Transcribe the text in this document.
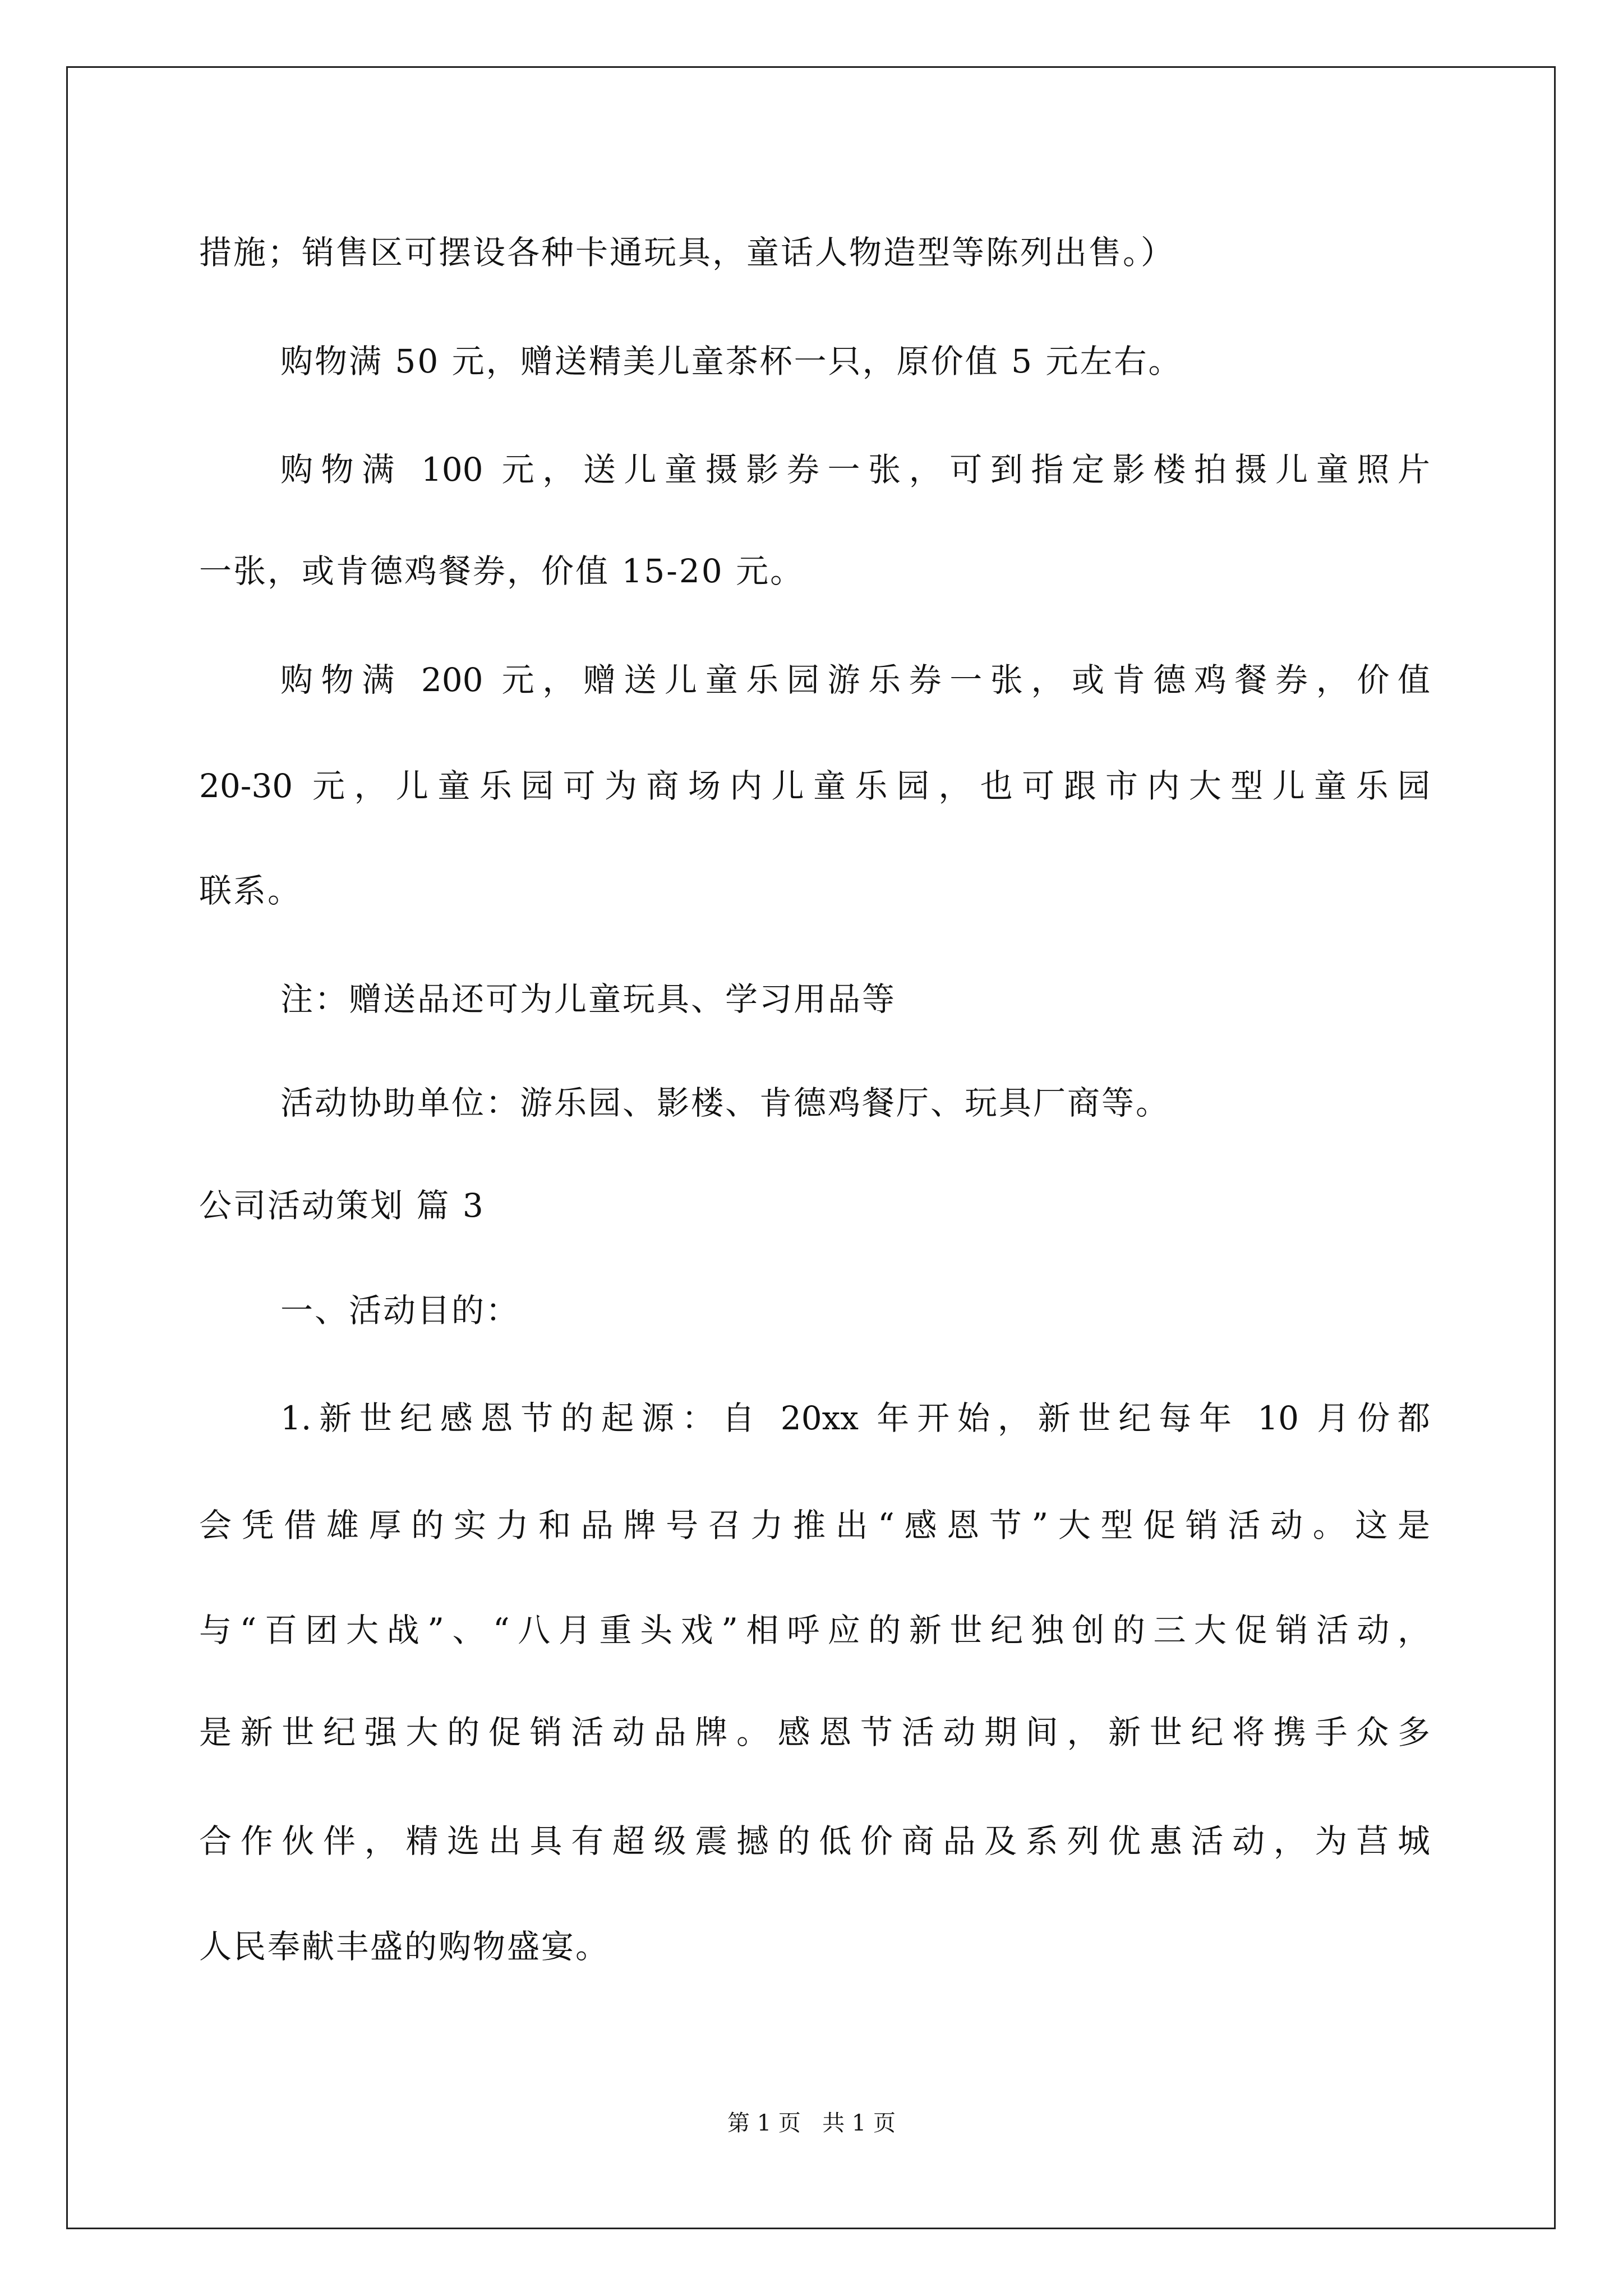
措施；销售区可摆设各种卡通玩具，童话人物造型等陈列出售。）
购物满 50 元，赠送精美儿童茶杯一只，原价值 5 元左右。
购物满 100 元，送儿童摄影券一张，可到指定影楼拍摄儿童照片
一张，或肯德鸡餐券，价值 15-20 元。
购物满 200 元，赠送儿童乐园游乐券一张，或肯德鸡餐券，价值
20-30 元，儿童乐园可为商场内儿童乐园，也可跟市内大型儿童乐园
联系。
注：赠送品还可为儿童玩具、学习用品等
活动协助单位：游乐园、影楼、肯德鸡餐厅、玩具厂商等。
公司活动策划 篇 3
一、活动目的：
1.新世纪感恩节的起源：自 20xx 年开始，新世纪每年 10 月份都
会凭借雄厚的实力和品牌号召力推出“感恩节”大型促销活动。这是
与“百团大战”、“八月重头戏”相呼应的新世纪独创的三大促销活动，
是新世纪强大的促销活动品牌。感恩节活动期间，新世纪将携手众多
合作伙伴，精选出具有超级震撼的低价商品及系列优惠活动，为莒城
人民奉献丰盛的购物盛宴。
第 1 页   共 1 页
